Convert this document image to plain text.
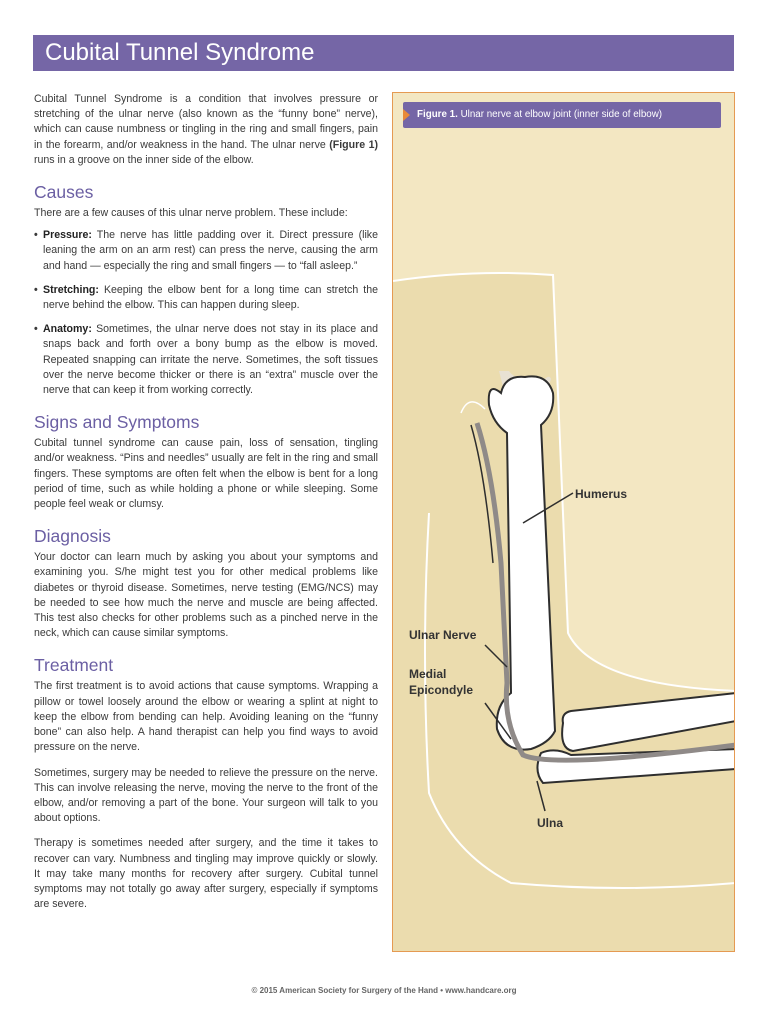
Cubital Tunnel Syndrome

Cubital Tunnel Syndrome is a condition that involves pressure or stretching of the ulnar nerve (also known as the “funny bone” nerve), which can cause numbness or tingling in the ring and small fingers, pain in the forearm, and/or weakness in the hand. The ulnar nerve (Figure 1) runs in a groove on the inner side of the elbow.

Causes

There are a few causes of this ulnar nerve problem. These include:

• Pressure: The nerve has little padding over it. Direct pressure (like leaning the arm on an arm rest) can press the nerve, causing the arm and hand — especially the ring and small fingers — to “fall asleep.”
• Stretching: Keeping the elbow bent for a long time can stretch the nerve behind the elbow. This can happen during sleep.
• Anatomy: Sometimes, the ulnar nerve does not stay in its place and snaps back and forth over a bony bump as the elbow is moved. Repeated snapping can irritate the nerve. Sometimes, the soft tissues over the nerve become thicker or there is an “extra” muscle over the nerve that can keep it from working correctly.
Signs and Symptoms

Cubital tunnel syndrome can cause pain, loss of sensation, tingling and/or weakness. “Pins and needles” usually are felt in the ring and small fingers. These symptoms are often felt when the elbow is bent for a long period of time, such as while holding a phone or while sleeping. Some people feel weak or clumsy.

Diagnosis

Your doctor can learn much by asking you about your symptoms and examining you. S/he might test you for other medical problems like diabetes or thyroid disease. Sometimes, nerve testing (EMG/NCS) may be needed to see how much the nerve and muscle are being affected. This test also checks for other problems such as a pinched nerve in the neck, which can cause similar symptoms.

Treatment

The first treatment is to avoid actions that cause symptoms. Wrapping a pillow or towel loosely around the elbow or wearing a splint at night to keep the elbow from bending can help. Avoiding leaning on the “funny bone” can also help. A hand therapist can help you find ways to avoid pressure on the nerve.

Sometimes, surgery may be needed to relieve the pressure on the nerve. This can involve releasing the nerve, moving the nerve to the front of the elbow, and/or removing a part of the bone. Your surgeon will talk to you about options.

Therapy is sometimes needed after surgery, and the time it takes to recover can vary. Numbness and tingling may improve quickly or slowly. It may take many months for recovery after surgery. Cubital tunnel symptoms may not totally go away after surgery, especially if symptoms are severe.

Figure 1. Ulnar nerve at elbow joint (inner side of elbow)
Humerus
Ulnar Nerve
Medial
Epicondyle
Ulna
© 2015 American Society for Surgery of the Hand • www.handcare.org
